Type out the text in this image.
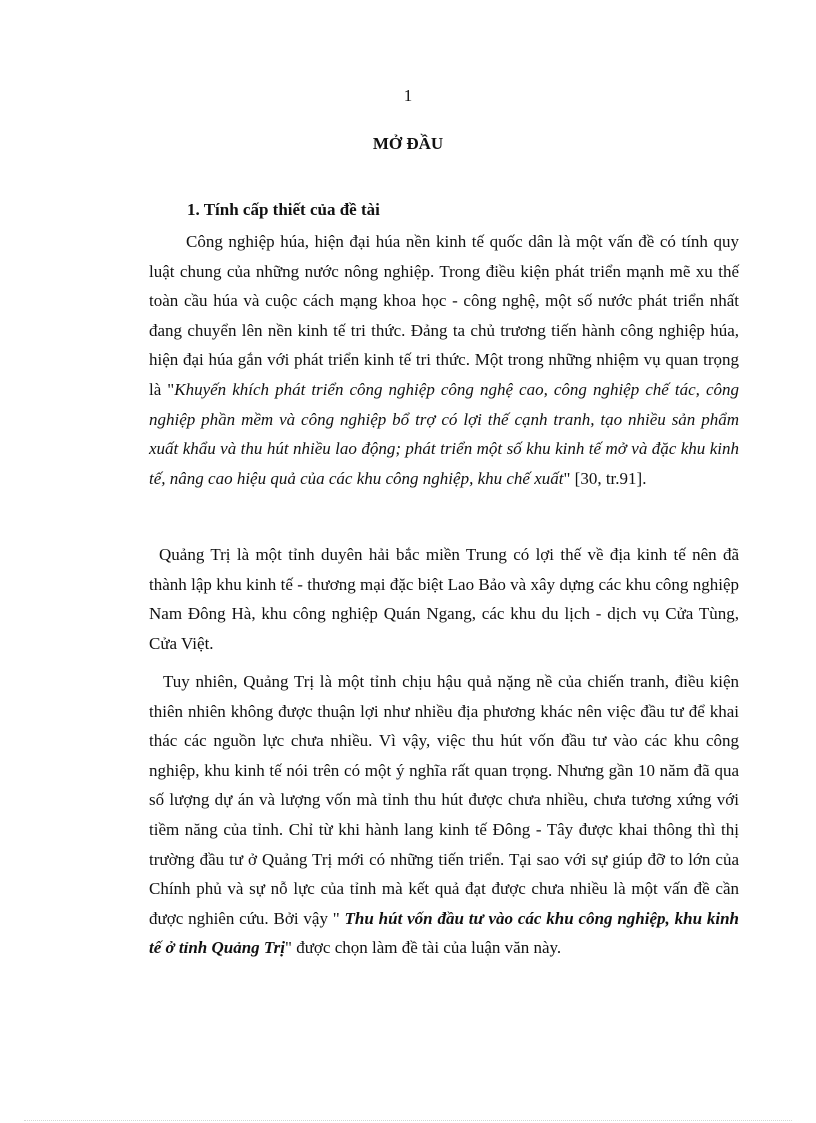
1
MỞ ĐẦU
1. Tính cấp thiết của đề tài

Công nghiệp húa, hiện đại húa nền kinh tế quốc dân là một vấn đề có tính quy luật chung của những nước nông nghiệp. Trong điều kiện phát triển mạnh mẽ xu thế toàn cầu húa và cuộc cách mạng khoa học - công nghệ, một số nước phát triển nhất đang chuyển lên nền kinh tế tri thức. Đảng ta chủ trương tiến hành công nghiệp húa, hiện đại húa gắn với phát triển kinh tế tri thức. Một trong những nhiệm vụ quan trọng là "Khuyến khích phát triển công nghiệp công nghệ cao, công nghiệp chế tác, công nghiệp phần mềm và công nghiệp bổ trợ có lợi thế cạnh tranh, tạo nhiều sản phẩm xuất khẩu và thu hút nhiều lao động; phát triển một số khu kinh tế mở và đặc khu kinh tế, nâng cao hiệu quả của các khu công nghiệp, khu chế xuất" [30, tr.91].

Quảng Trị là một tỉnh duyên hải bắc miền Trung có lợi thế về địa kinh tế nên đã thành lập khu kinh tế - thương mại đặc biệt Lao Bảo và xây dựng các khu công nghiệp Nam Đông Hà, khu công nghiệp Quán Ngang, các khu du lịch - dịch vụ Cửa Tùng, Cửa Việt.

Tuy nhiên, Quảng Trị là một tỉnh chịu hậu quả nặng nề của chiến tranh, điều kiện thiên nhiên không được thuận lợi như nhiều địa phương khác nên việc đầu tư để khai thác các nguồn lực chưa nhiều. Vì vậy, việc thu hút vốn đầu tư vào các khu công nghiệp, khu kinh tế nói trên có một ý nghĩa rất quan trọng. Nhưng gần 10 năm đã qua số lượng dự án và lượng vốn mà tỉnh thu hút được chưa nhiều, chưa tương xứng với tiềm năng của tỉnh. Chỉ từ khi hành lang kinh tế Đông - Tây được khai thông thì thị trường đầu tư ở Quảng Trị mới có những tiến triển. Tại sao với sự giúp đỡ to lớn của Chính phủ và sự nỗ lực của tỉnh mà kết quả đạt được chưa nhiều là một vấn đề cần được nghiên cứu. Bởi vậy " Thu hút vốn đầu tư vào các khu công nghiệp, khu kinh tế ở tỉnh Quảng Trị" được chọn làm đề tài của luận văn này.
